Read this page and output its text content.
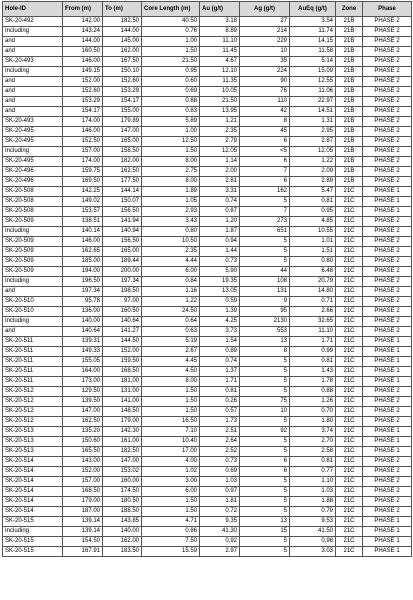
Hole-ID	From (m)	To (m)	Core Length (m)	Au (g/t)	Ag (g/t)	AuEq (g/t)	Zone	Phase
SK-20-492	142.00	182.50	40.50	3.18	27	3.54	21B	PHASE 2
Including	143.24	144.00	0.76	8.89	214	11.74	21B	PHASE 2
and	144.00	145.00	1.00	11.10	229	14.15	21B	PHASE 2
and	160.50	162.00	1.50	11.45	10	11.58	21B	PHASE 2
SK-20-493	146.00	167.50	21.50	4.67	35	5.14	21B	PHASE 2
Including	149.15	150.10	0.95	12.10	224	15.09	21B	PHASE 2
and	152.00	152.60	0.60	11.35	90	12.55	21B	PHASE 2
and	152.60	153.29	0.69	10.05	76	11.06	21B	PHASE 2
and	153.29	154.17	0.88	21.50	110	22.97	21B	PHASE 2
and	154.17	155.00	0.83	13.95	42	14.51	21B	PHASE 2
SK-20-493	174.00	179.89	5.89	1.21	8	1.31	21B	PHASE 2
SK-20-495	146.00	147.00	1.00	2.35	45	2.95	21B	PHASE 2
SK-20-495	152.50	165.00	12.50	2.79	6	2.87	21B	PHASE 2
Including	157.00	158.50	1.50	12.05	<5	12.05	21B	PHASE 2
SK-20-495	174.00	182.00	8.00	1.14	6	1.22	21B	PHASE 2
SK-20-496	159.75	162.50	2.75	2.00	7	2.09	21B	PHASE 2
SK-20-496	169.50	177.50	8.00	2.81	6	2.89	21B	PHASE 2
SK-20-508	142.25	144.14	1.89	3.31	162	5.47	21C	PHASE 1
SK-20-508	149.02	150.07	1.05	0.74	5	0.81	21C	PHASE 1
SK-20-508	153.57	156.50	2.93	0.87	7	0.95	21C	PHASE 1
SK-20-509	138.51	141.94	3.43	1.20	273	4.85	21C	PHASE 2
Including	140.14	140.94	0.80	1.87	651	10.55	21C	PHASE 2
SK-20-509	146.00	156.50	10.50	0.94	5	1.01	21C	PHASE 2
SK-20-509	162.65	165.00	2.35	1.44	5	1.51	21C	PHASE 2
SK-20-509	185.00	189.44	4.44	0.73	5	0.80	21C	PHASE 2
SK-20-509	194.00	200.00	6.00	5.90	44	6.48	21C	PHASE 2
Including	196.50	197.34	0.84	19.35	108	20.79	21C	PHASE 2
and	197.34	198.50	1.16	13.05	131	14.80	21C	PHASE 2
SK-20-510	95.78	97.00	1.22	0.59	9	0.71	21C	PHASE 2
SK-20-510	136.00	160.50	24.50	1.39	95	2.66	21C	PHASE 2
Including	140.00	140.64	0.64	4.25	2130	32.65	21C	PHASE 2
and	140.64	141.27	0.63	3.73	553	11.10	21C	PHASE 2
SK-20-511	139.31	144.50	5.19	1.54	13	1.71	21C	PHASE 1
SK-20-511	149.33	152.00	2.67	0.89	8	0.99	21C	PHASE 1
SK-20-511	155.05	159.50	4.45	0.74	5	0.81	21C	PHASE 1
SK-20-511	164.00	168.50	4.50	1.37	5	1.43	21C	PHASE 1
SK-20-511	173.00	181.00	8.00	1.71	5	1.78	21C	PHASE 1
SK-20-512	129.50	131.00	1.50	0.81	5	0.88	21C	PHASE 2
SK-20-512	139.50	141.00	1.50	0.26	75	1.26	21C	PHASE 2
SK-20-512	147.00	148.50	1.50	0.57	10	0.70	21C	PHASE 2
SK-20-512	162.50	179.00	16.50	1.73	5	1.80	21C	PHASE 2
SK-20-513	135.20	142.30	7.10	2.51	92	3.74	21C	PHASE 1
SK-20-513	150.60	161.00	10.40	2.64	5	2.70	21C	PHASE 1
SK-20-513	165.50	182.50	17.00	2.52	5	2.58	21C	PHASE 1
SK-20-514	143.00	147.00	4.00	0.73	6	0.81	21C	PHASE 2
SK-20-514	152.00	153.02	1.02	0.69	6	0.77	21C	PHASE 2
SK-20-514	157.00	160.00	3.00	1.03	5	1.10	21C	PHASE 2
SK-20-514	168.50	174.50	6.00	0.97	5	1.03	21C	PHASE 2
SK-20-514	179.00	180.50	1.50	1.81	5	1.88	21C	PHASE 2
SK-20-514	187.00	188.50	1.50	0.72	5	0.79	21C	PHASE 2
SK-20-515	139.14	143.85	4.71	9.35	13	9.53	21C	PHASE 1
Including	139.14	140.00	0.86	41.30	15	41.50	21C	PHASE 1
SK-20-515	154.50	162.00	7.50	0.92	5	0.98	21C	PHASE 1
SK-20-515	167.91	183.50	15.59	2.97	5	3.03	21C	PHASE 1
